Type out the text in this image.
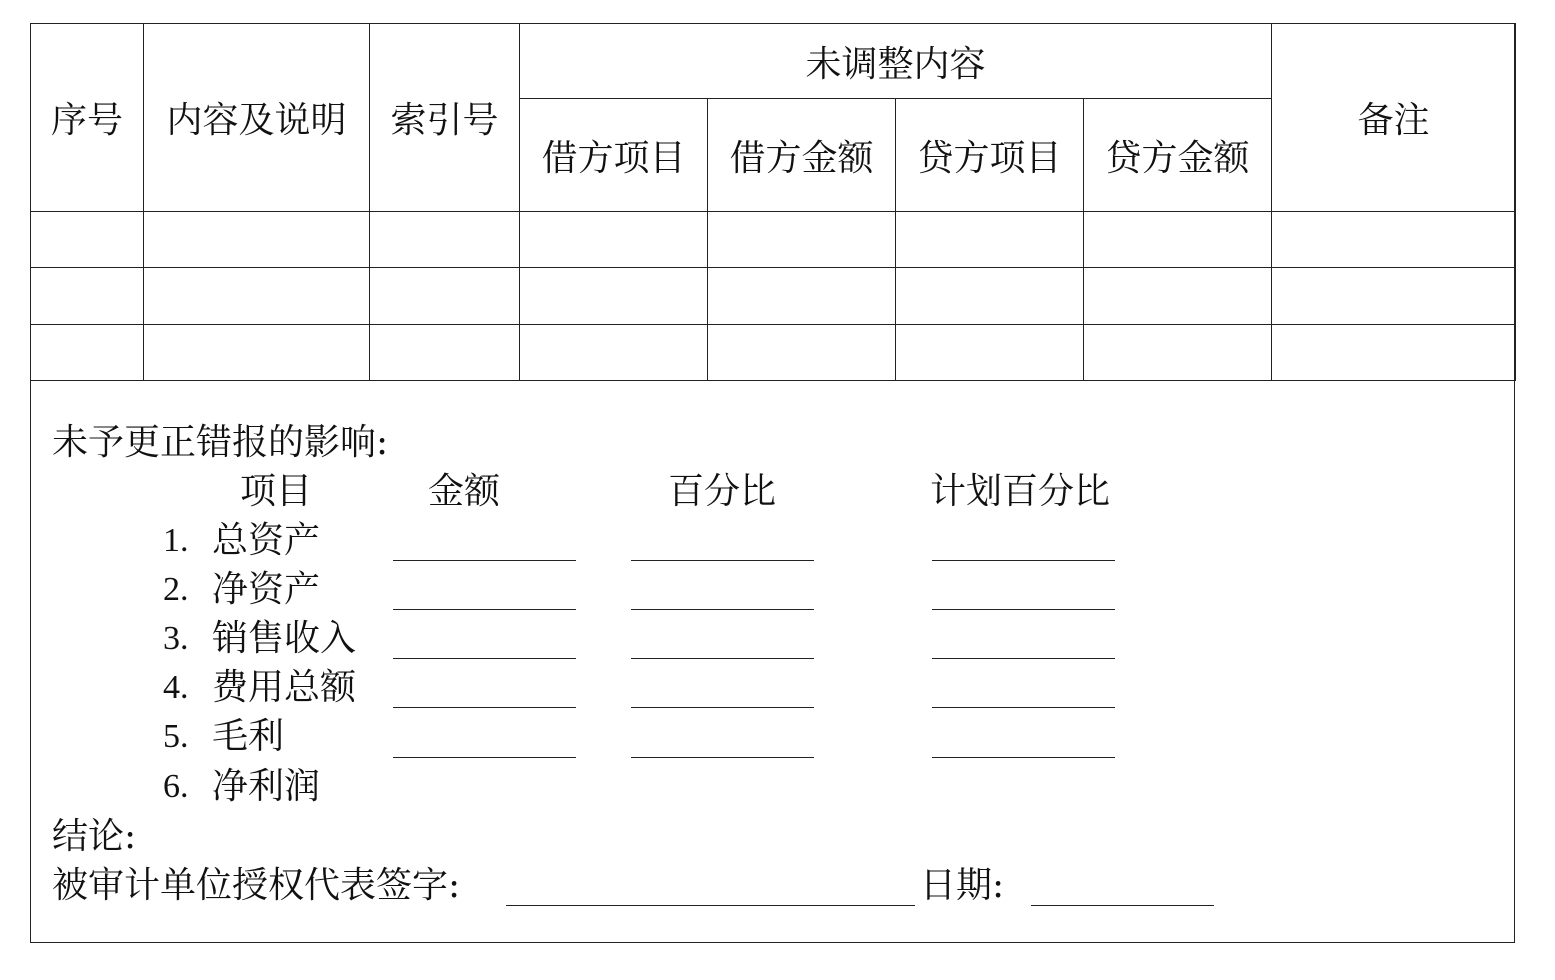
序号	内容及说明	索引号	未调整内容				备注
			借方项目	借方金额	贷方项目	贷方金额	

未予更正错报的影响:
项目	金额	百分比	计划百分比
1. 总资产
2. 净资产
3. 销售收入
4. 费用总额
5. 毛利
6. 净利润
结论:
被审计单位授权代表签字:	日期:
